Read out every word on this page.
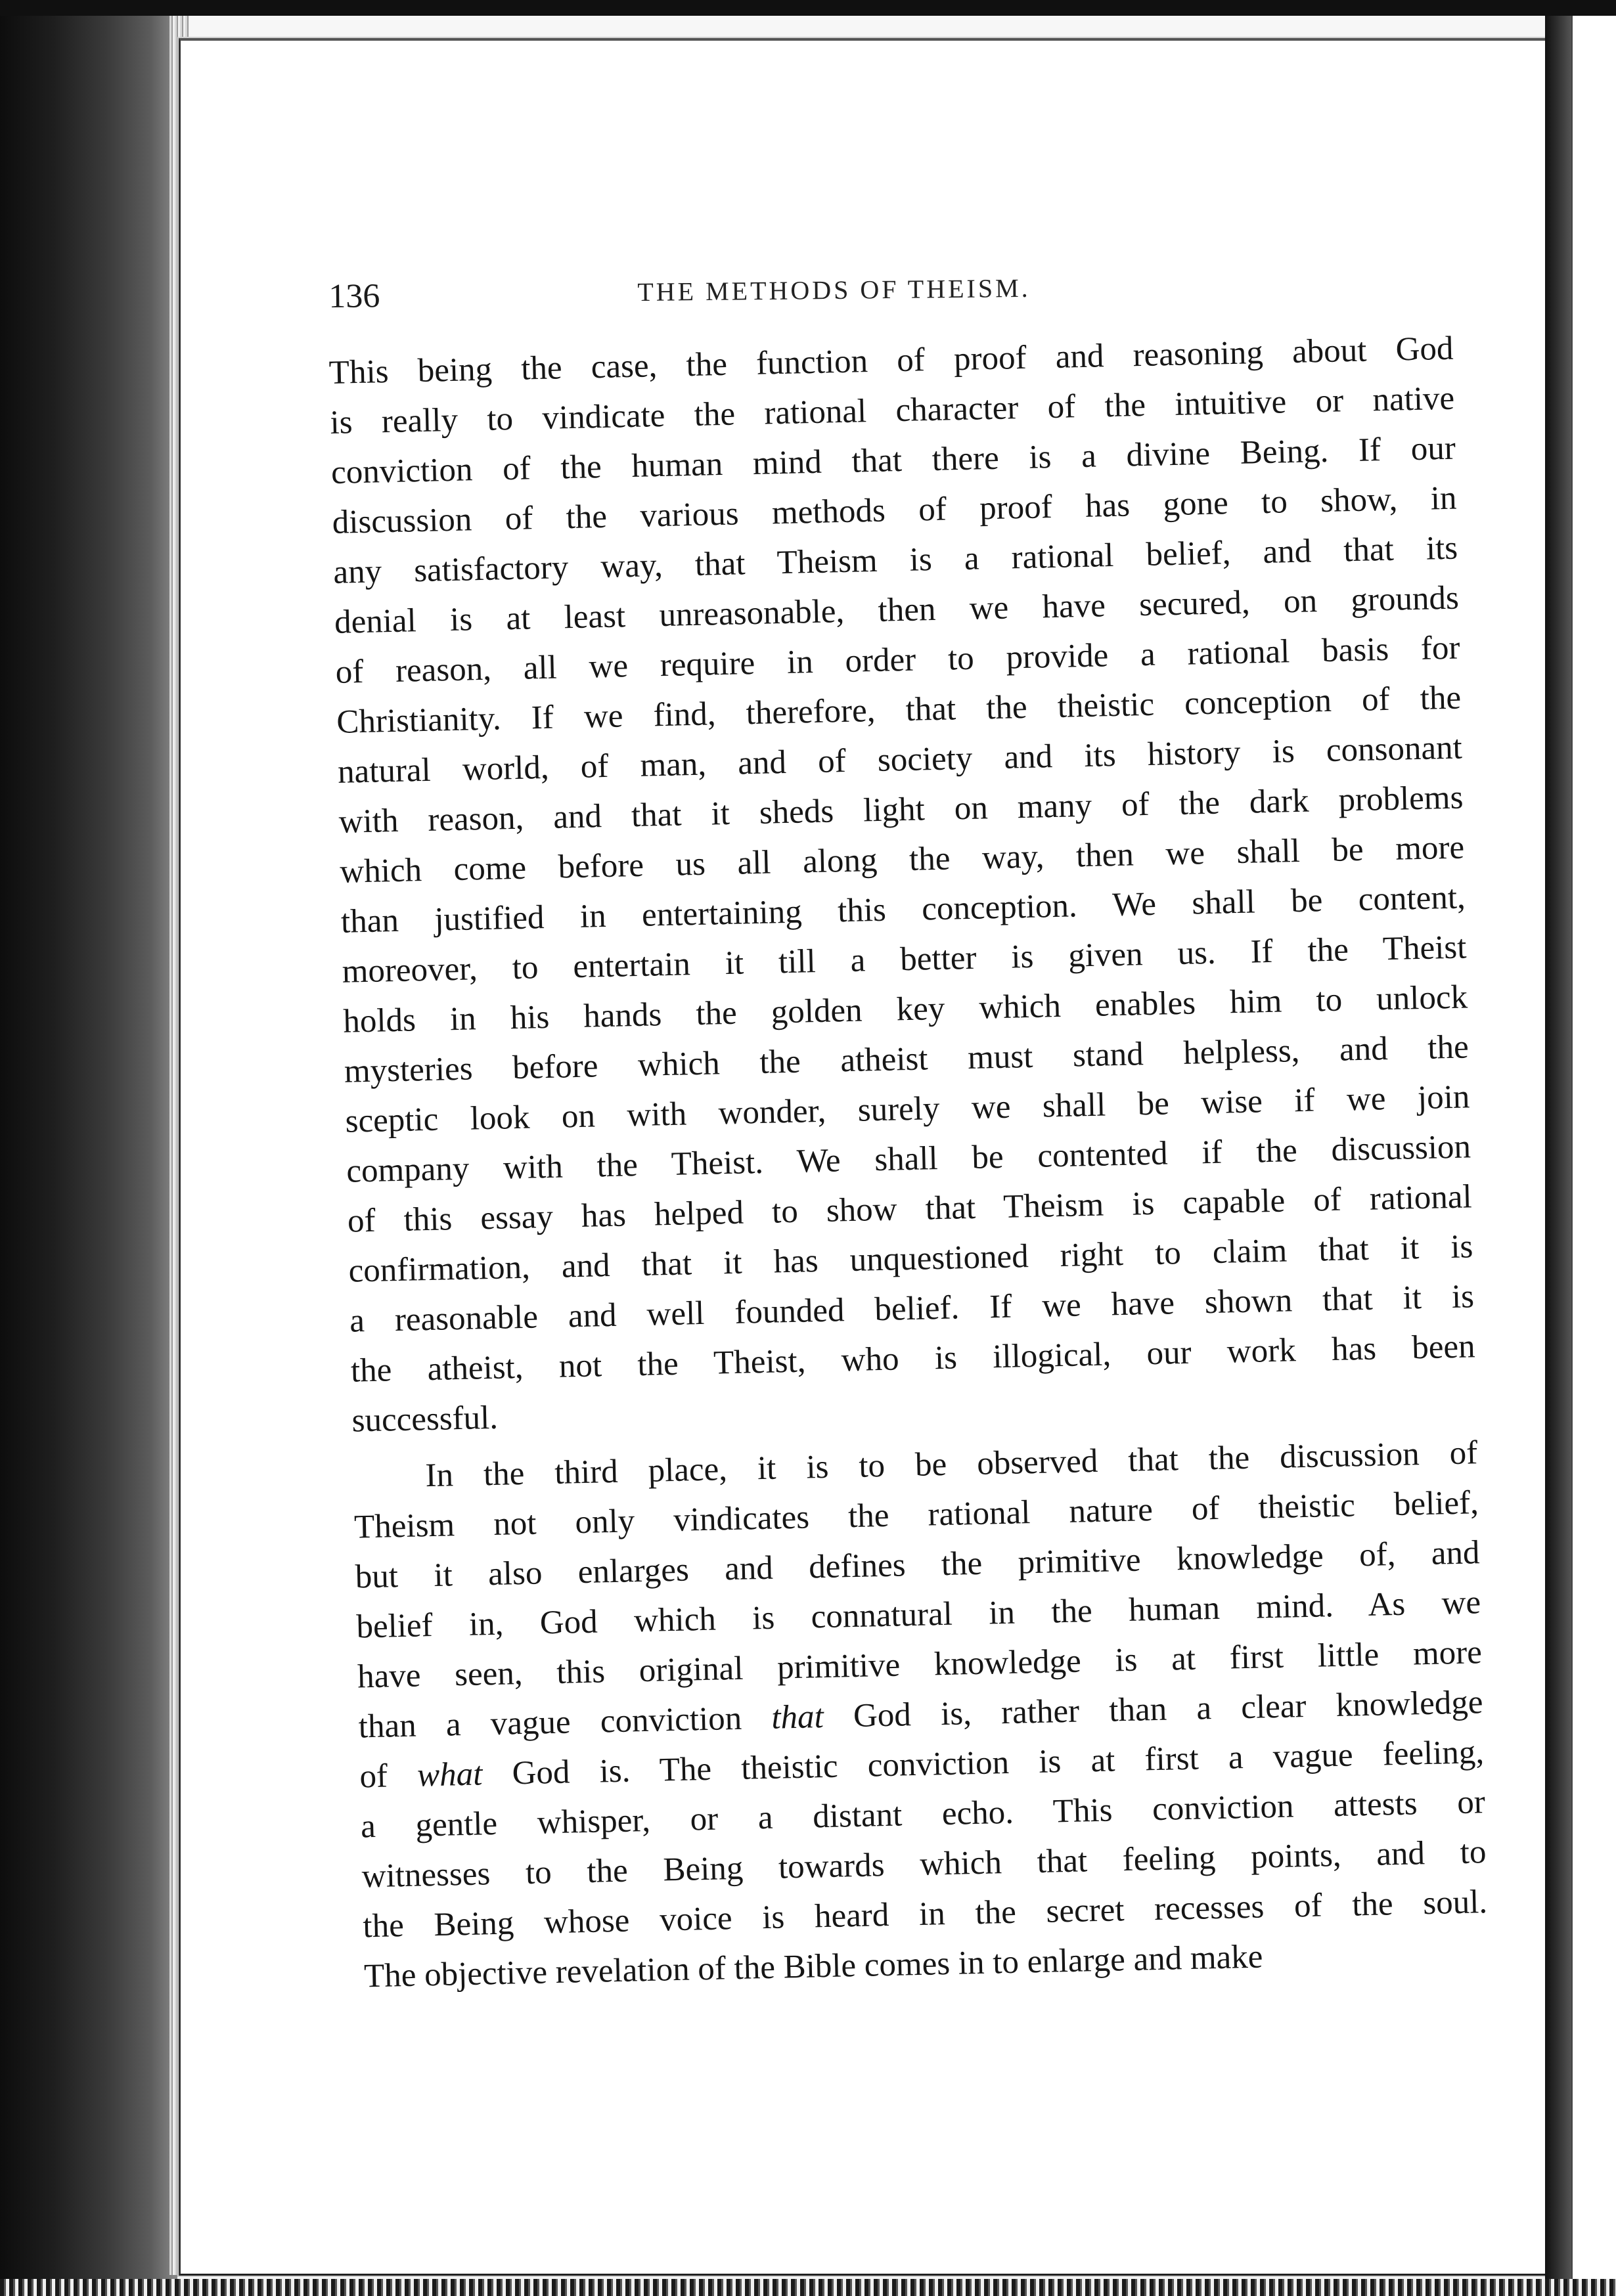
136	THE METHODS OF THEISM.
This being the case, the function of proof and reasoning about God
is really to vindicate the rational character of the intuitive or native
conviction of the human mind that there is a divine Being. If our
discussion of the various methods of proof has gone to show, in
any satisfactory way, that Theism is a rational belief, and that its
denial is at least unreasonable, then we have secured, on grounds
of reason, all we require in order to provide a rational basis for
Christianity. If we find, therefore, that the theistic conception of the
natural world, of man, and of society and its history is consonant
with reason, and that it sheds light on many of the dark problems
which come before us all along the way, then we shall be more
than justified in entertaining this conception. We shall be content,
moreover, to entertain it till a better is given us. If the Theist
holds in his hands the golden key which enables him to unlock
mysteries before which the atheist must stand helpless, and the
sceptic look on with wonder, surely we shall be wise if we join
company with the Theist. We shall be contented if the discussion
of this essay has helped to show that Theism is capable of rational
confirmation, and that it has unquestioned right to claim that it is
a reasonable and well founded belief. If we have shown that it is
the atheist, not the Theist, who is illogical, our work has been
successful.
In the third place, it is to be observed that the discussion of
Theism not only vindicates the rational nature of theistic belief,
but it also enlarges and defines the primitive knowledge of, and
belief in, God which is connatural in the human mind. As we
have seen, this original primitive knowledge is at first little more
than a vague conviction that God is, rather than a clear knowledge
of what God is. The theistic conviction is at first a vague feeling,
a gentle whisper, or a distant echo. This conviction attests or
witnesses to the Being towards which that feeling points, and to
the Being whose voice is heard in the secret recesses of the soul.
The objective revelation of the Bible comes in to enlarge and make
